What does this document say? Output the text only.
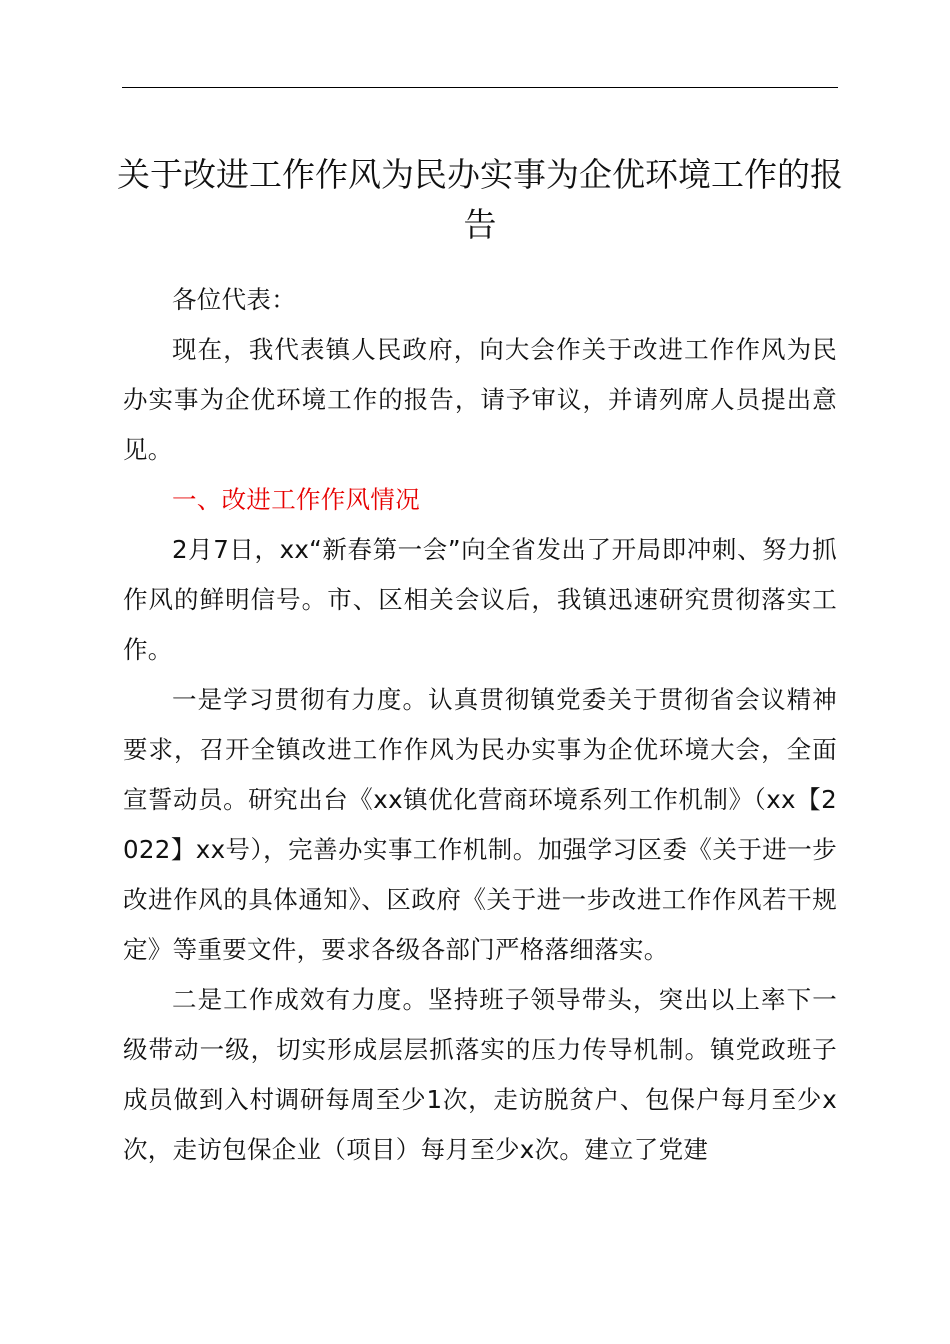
关于改进工作作风为民办实事为企优环境工作的报告

各位代表：

现在，我代表镇人民政府，向大会作关于改进工作作风为民办实事为企优环境工作的报告，请予审议，并请列席人员提出意见。

一、改进工作作风情况

2月7日，xx“新春第一会”向全省发出了开局即冲刺、努力抓作风的鲜明信号。市、区相关会议后，我镇迅速研究贯彻落实工作。

一是学习贯彻有力度。认真贯彻镇党委关于贯彻省会议精神要求，召开全镇改进工作作风为民办实事为企优环境大会，全面宣誓动员。研究出台《xx镇优化营商环境系列工作机制》（xx【2022】xx号），完善办实事工作机制。加强学习区委《关于进一步改进作风的具体通知》、区政府《关于进一步改进工作作风若干规定》等重要文件，要求各级各部门严格落细落实。

二是工作成效有力度。坚持班子领导带头，突出以上率下一级带动一级，切实形成层层抓落实的压力传导机制。镇党政班子成员做到入村调研每周至少1次，走访脱贫户、包保户每月至少x次，走访包保企业（项目）每月至少x次。建立了党建
